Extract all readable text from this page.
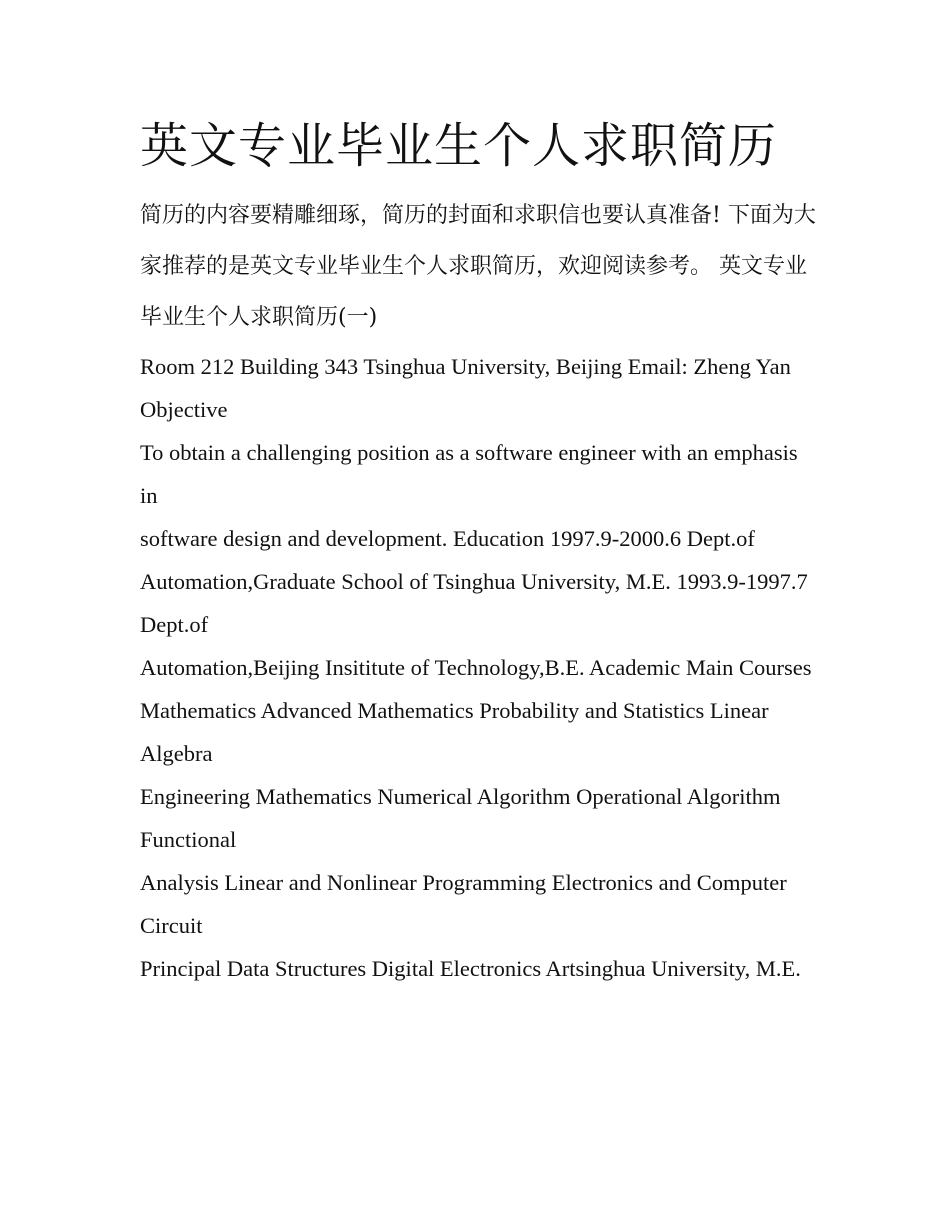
英文专业毕业生个人求职简历

简历的内容要精雕细琢，简历的封面和求职信也要认真准备! 下面为大家推荐的是英文专业毕业生个人求职简历，欢迎阅读参考。 英文专业毕业生个人求职简历(一)

Room 212 Building 343 Tsinghua University, Beijing Email: Zheng Yan Objective

To obtain a challenging position as a software engineer with an emphasis in

software design and development. Education 1997.9-2000.6 Dept.of

Automation,Graduate School of Tsinghua University, M.E. 1993.9-1997.7 Dept.of

Automation,Beijing Insititute of Technology,B.E. Academic Main Courses

Mathematics Advanced Mathematics Probability and Statistics Linear Algebra

Engineering Mathematics Numerical Algorithm Operational Algorithm Functional

Analysis Linear and Nonlinear Programming Electronics and Computer Circuit

Principal Data Structures Digital Electronics Artsinghua University, M.E.
